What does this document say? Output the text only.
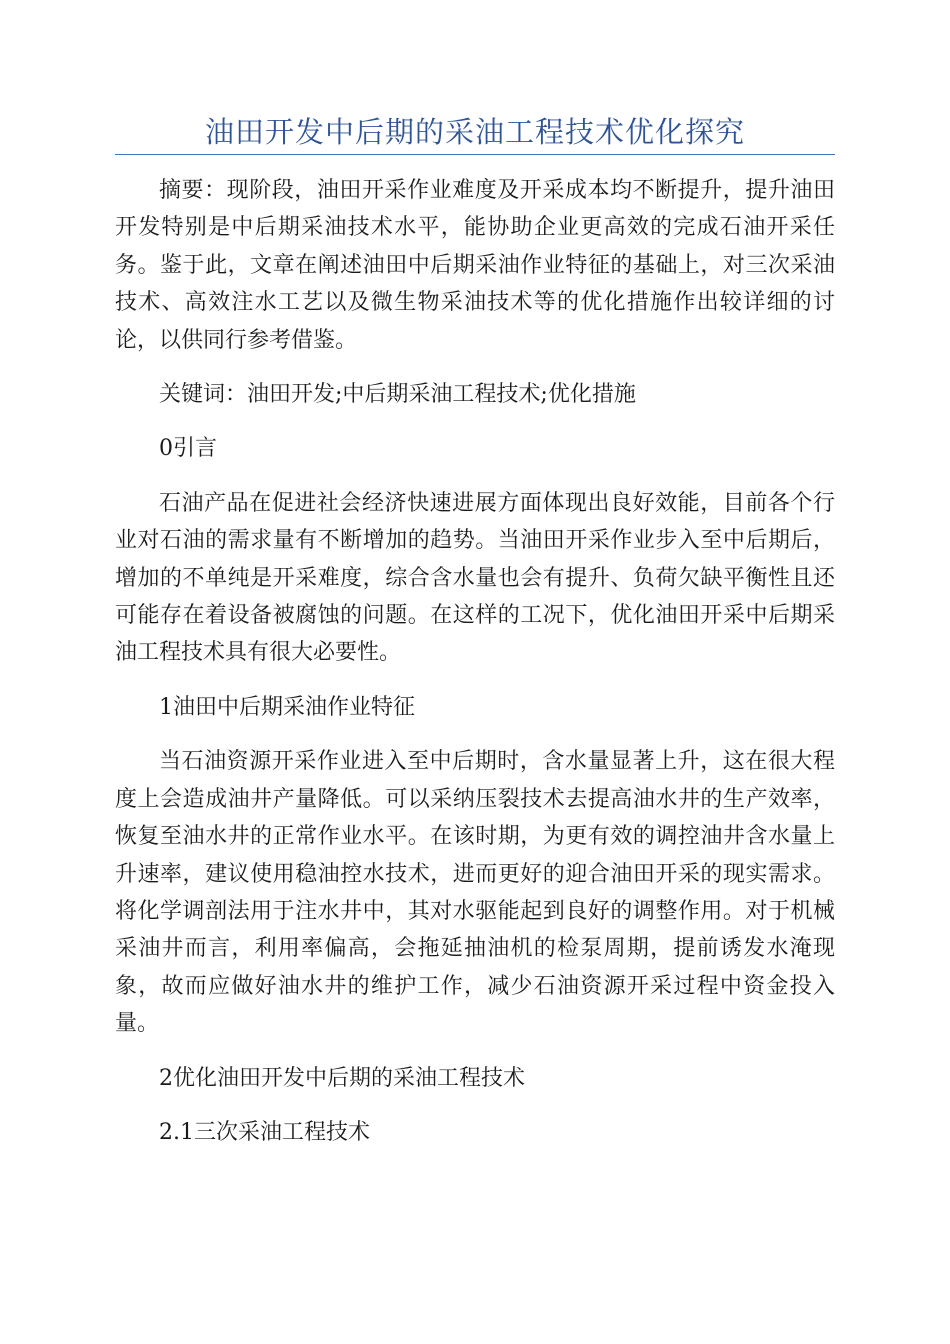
油田开发中后期的采油工程技术优化探究

摘要：现阶段，油田开采作业难度及开采成本均不断提升，提升油田开发特别是中后期采油技术水平，能协助企业更高效的完成石油开采任务。鉴于此，文章在阐述油田中后期采油作业特征的基础上，对三次采油技术、高效注水工艺以及微生物采油技术等的优化措施作出较详细的讨论，以供同行参考借鉴。

关键词：油田开发;中后期采油工程技术;优化措施

0引言

石油产品在促进社会经济快速进展方面体现出良好效能，目前各个行业对石油的需求量有不断增加的趋势。当油田开采作业步入至中后期后，增加的不单纯是开采难度，综合含水量也会有提升、负荷欠缺平衡性且还可能存在着设备被腐蚀的问题。在这样的工况下，优化油田开采中后期采油工程技术具有很大必要性。

1油田中后期采油作业特征

当石油资源开采作业进入至中后期时，含水量显著上升，这在很大程度上会造成油井产量降低。可以采纳压裂技术去提高油水井的生产效率，恢复至油水井的正常作业水平。在该时期，为更有效的调控油井含水量上升速率，建议使用稳油控水技术，进而更好的迎合油田开采的现实需求。将化学调剖法用于注水井中，其对水驱能起到良好的调整作用。对于机械采油井而言，利用率偏高，会拖延抽油机的检泵周期，提前诱发水淹现象，故而应做好油水井的维护工作，减少石油资源开采过程中资金投入量。

2优化油田开发中后期的采油工程技术

2.1三次采油工程技术
